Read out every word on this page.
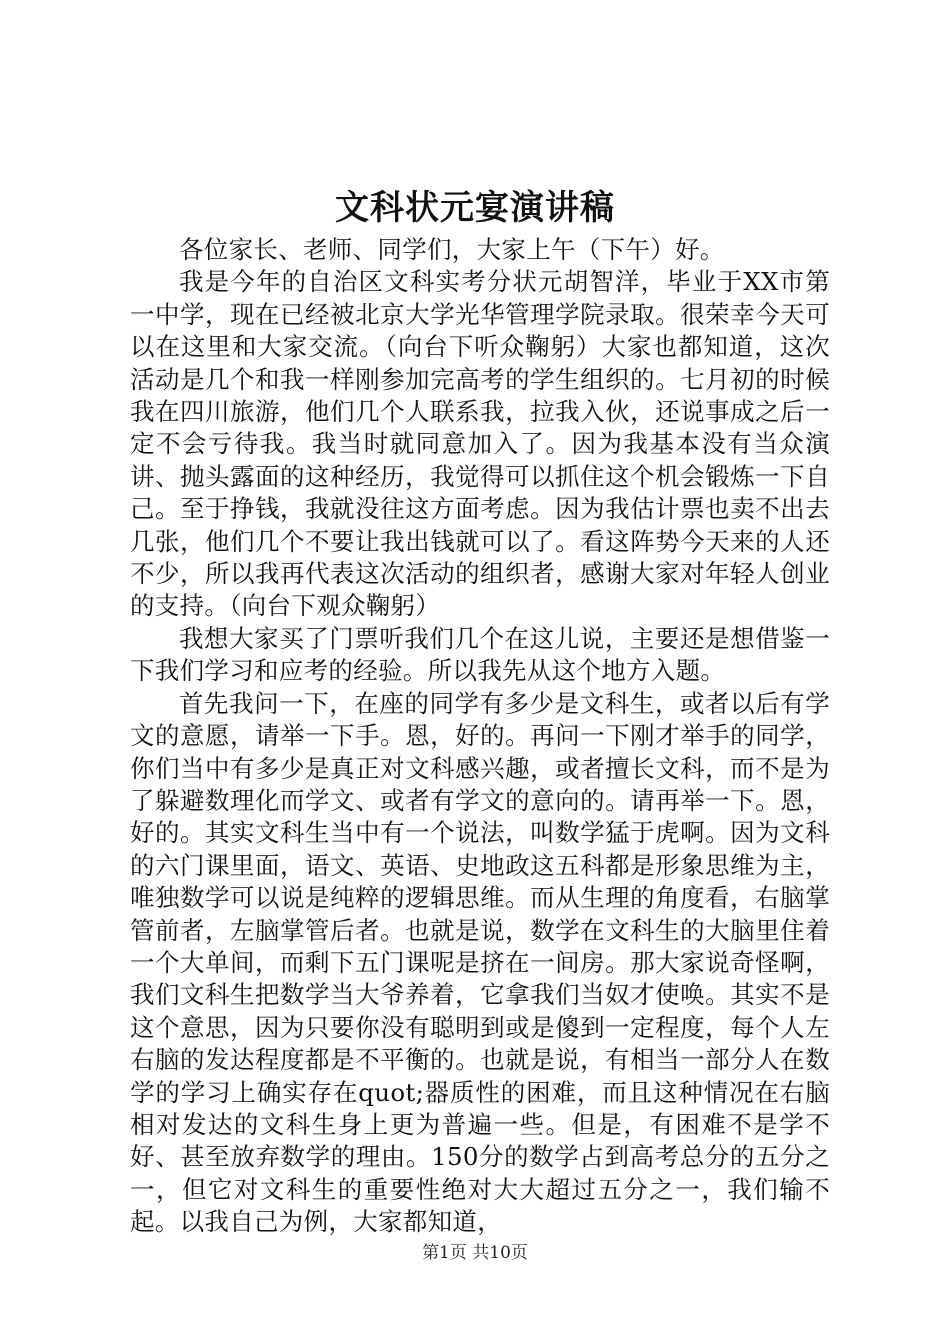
文科状元宴演讲稿

各位家长、老师、同学们，大家上午（下午）好。

我是今年的自治区文科实考分状元胡智洋，毕业于XX市第一中学，现在已经被北京大学光华管理学院录取。很荣幸今天可以在这里和大家交流。（向台下听众鞠躬）大家也都知道，这次活动是几个和我一样刚参加完高考的学生组织的。七月初的时候我在四川旅游，他们几个人联系我，拉我入伙，还说事成之后一定不会亏待我。我当时就同意加入了。因为我基本没有当众演讲、抛头露面的这种经历，我觉得可以抓住这个机会锻炼一下自己。至于挣钱，我就没往这方面考虑。因为我估计票也卖不出去几张，他们几个不要让我出钱就可以了。看这阵势今天来的人还不少，所以我再代表这次活动的组织者，感谢大家对年轻人创业的支持。（向台下观众鞠躬）

我想大家买了门票听我们几个在这儿说，主要还是想借鉴一下我们学习和应考的经验。所以我先从这个地方入题。

首先我问一下，在座的同学有多少是文科生，或者以后有学文的意愿，请举一下手。恩，好的。再问一下刚才举手的同学，你们当中有多少是真正对文科感兴趣，或者擅长文科，而不是为了躲避数理化而学文、或者有学文的意向的。请再举一下。恩，好的。其实文科生当中有一个说法，叫数学猛于虎啊。因为文科的六门课里面，语文、英语、史地政这五科都是形象思维为主，唯独数学可以说是纯粹的逻辑思维。而从生理的角度看，右脑掌管前者，左脑掌管后者。也就是说，数学在文科生的大脑里住着一个大单间，而剩下五门课呢是挤在一间房。那大家说奇怪啊，我们文科生把数学当大爷养着，它拿我们当奴才使唤。其实不是这个意思，因为只要你没有聪明到或是傻到一定程度，每个人左右脑的发达程度都是不平衡的。也就是说，有相当一部分人在数学的学习上确实存在quot;器质性的困难，而且这种情况在右脑相对发达的文科生身上更为普遍一些。但是，有困难不是学不好、甚至放弃数学的理由。150分的数学占到高考总分的五分之一，但它对文科生的重要性绝对大大超过五分之一，我们输不起。以我自己为例，大家都知道，

第1页 共10页
